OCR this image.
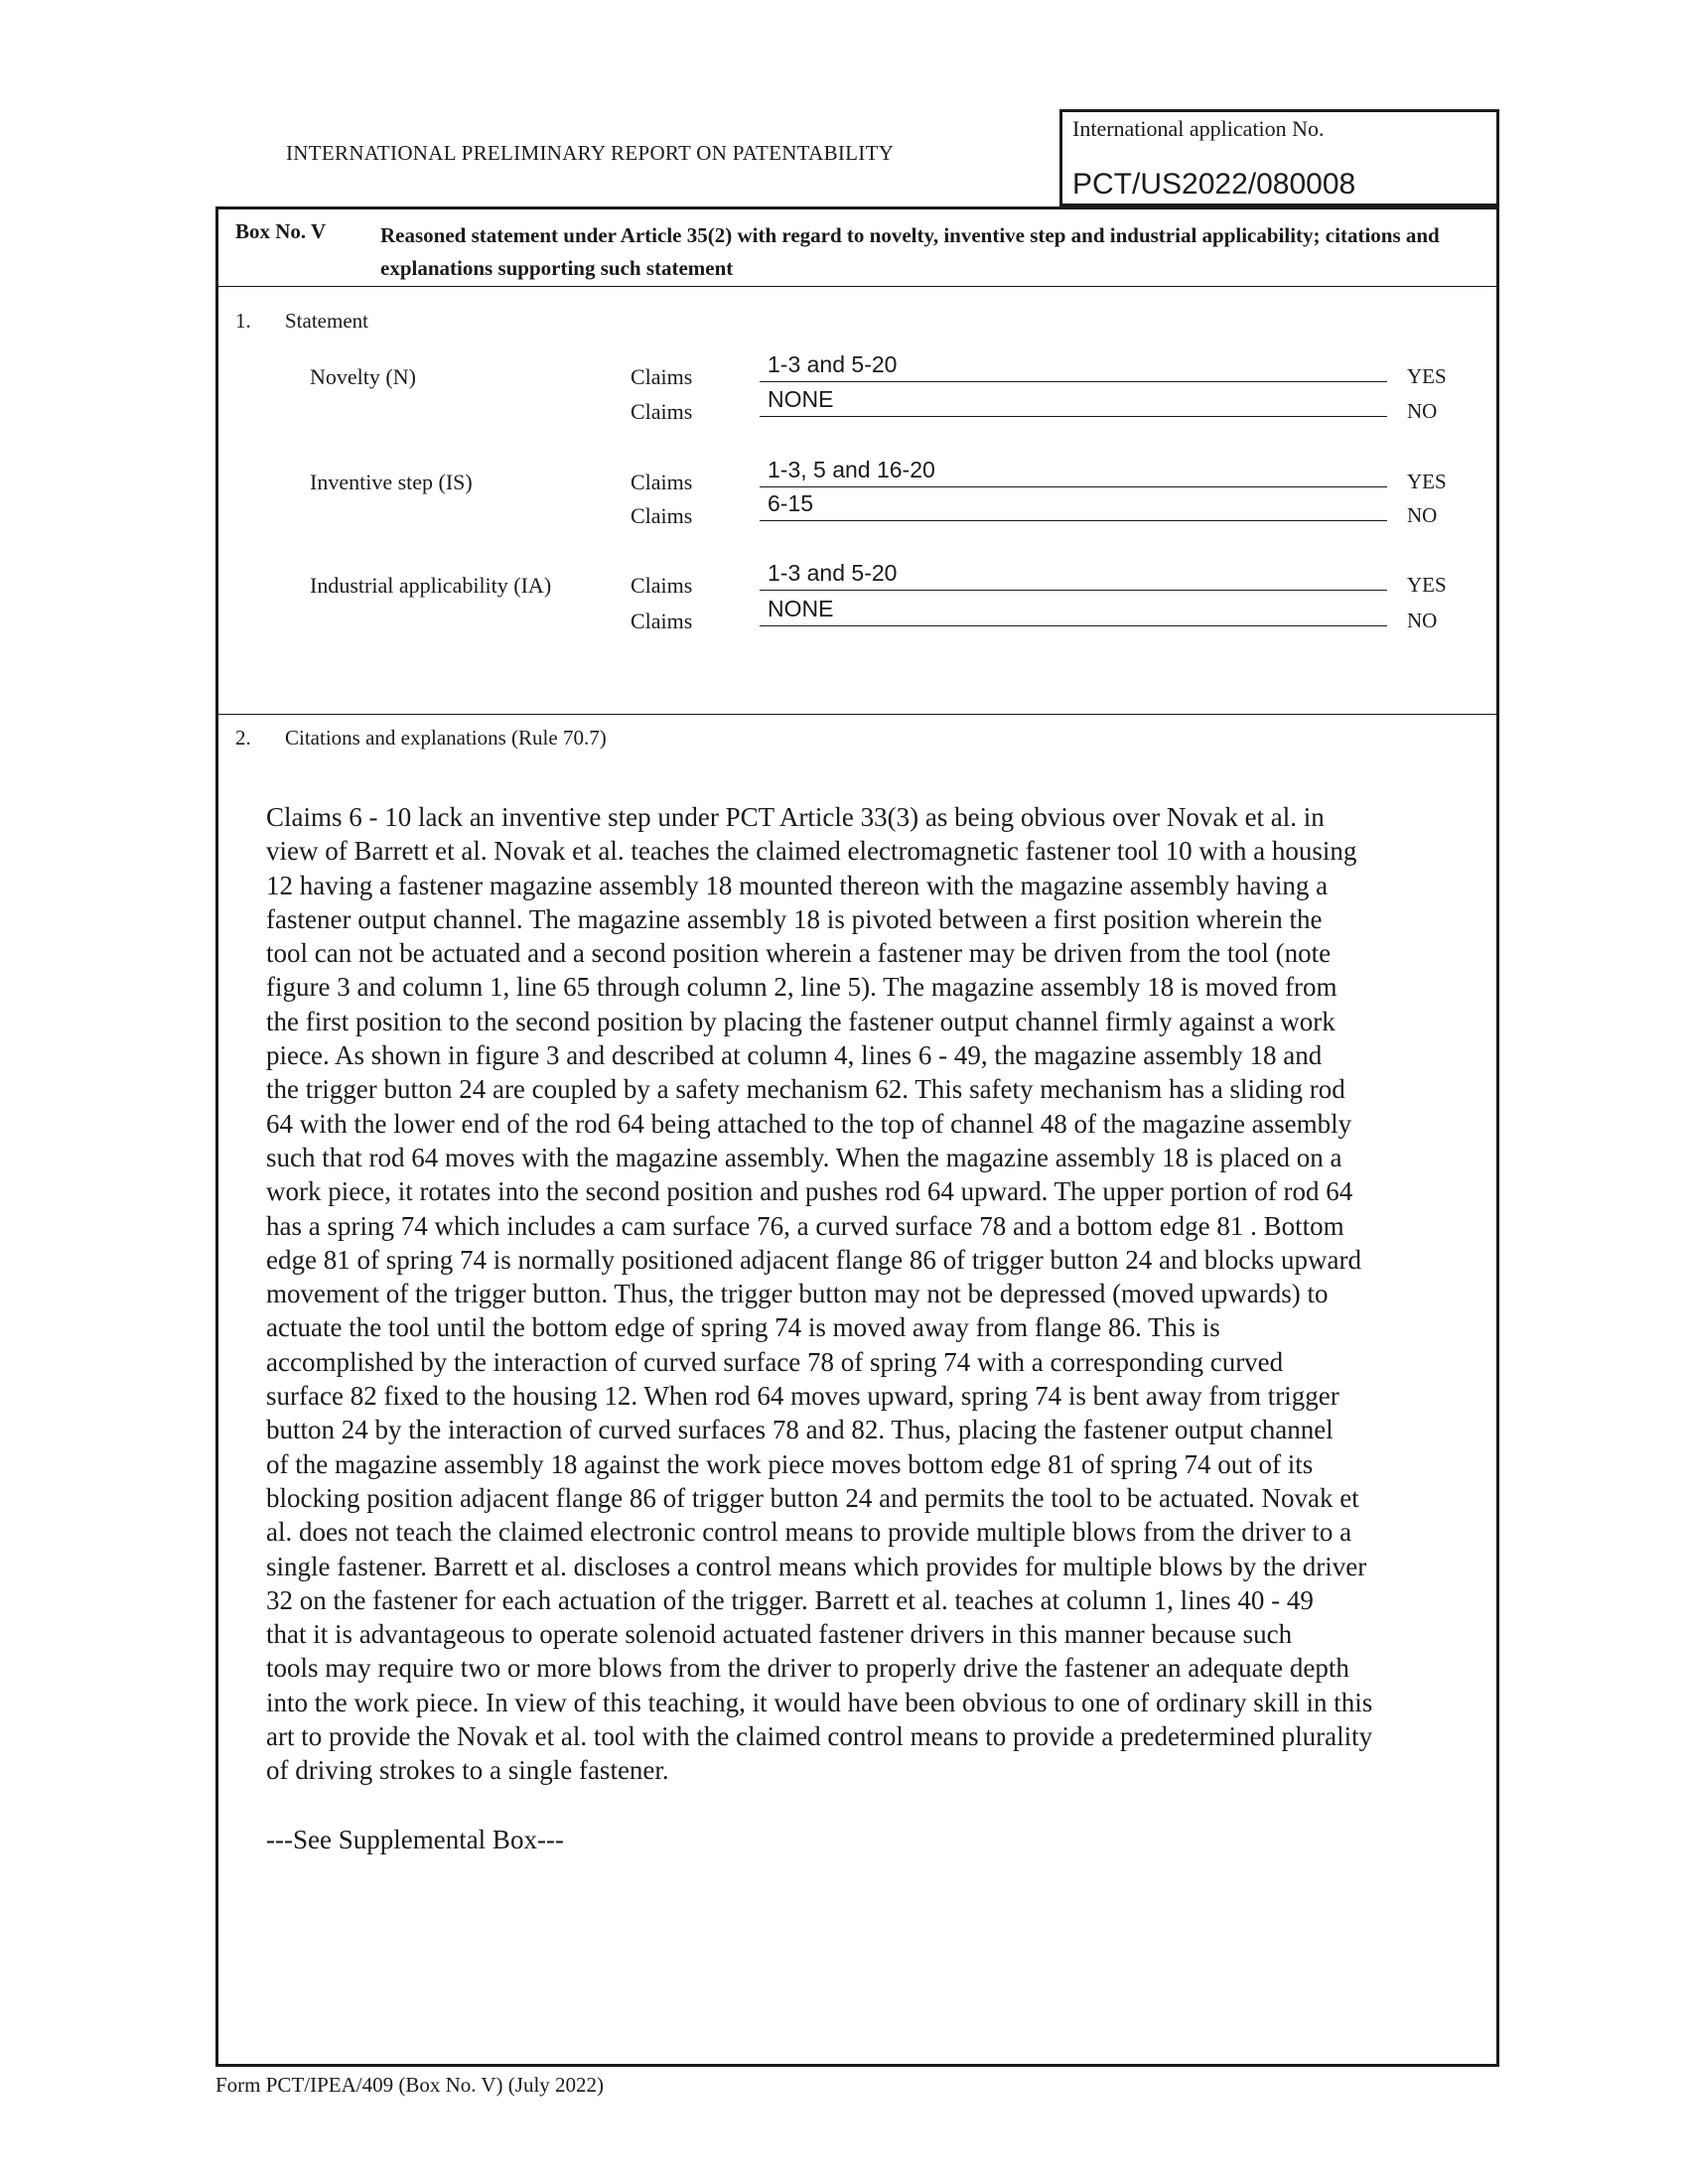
INTERNATIONAL PRELIMINARY REPORT ON PATENTABILITY
International application No.
PCT/US2022/080008
Box No. V	Reasoned statement under Article 35(2) with regard to novelty, inventive step and industrial applicability; citations and explanations supporting such statement
1. Statement
Novelty (N)	Claims	1-3 and 5-20	YES
Claims	NONE	NO
Inventive step (IS)	Claims	1-3, 5 and 16-20	YES
Claims	6-15	NO
Industrial applicability (IA)	Claims	1-3 and 5-20	YES
Claims	NONE	NO
2. Citations and explanations (Rule 70.7)
Claims 6 - 10 lack an inventive step under PCT Article 33(3) as being obvious over Novak et al. in
view of Barrett et al. Novak et al. teaches the claimed electromagnetic fastener tool 10 with a housing
12 having a fastener magazine assembly 18 mounted thereon with the magazine assembly having a
fastener output channel. The magazine assembly 18 is pivoted between a first position wherein the
tool can not be actuated and a second position wherein a fastener may be driven from the tool (note
figure 3 and column 1, line 65 through column 2, line 5). The magazine assembly 18 is moved from
the first position to the second position by placing the fastener output channel firmly against a work
piece. As shown in figure 3 and described at column 4, lines 6 - 49, the magazine assembly 18 and
the trigger button 24 are coupled by a safety mechanism 62. This safety mechanism has a sliding rod
64 with the lower end of the rod 64 being attached to the top of channel 48 of the magazine assembly
such that rod 64 moves with the magazine assembly. When the magazine assembly 18 is placed on a
work piece, it rotates into the second position and pushes rod 64 upward. The upper portion of rod 64
has a spring 74 which includes a cam surface 76, a curved surface 78 and a bottom edge 81 . Bottom
edge 81 of spring 74 is normally positioned adjacent flange 86 of trigger button 24 and blocks upward
movement of the trigger button. Thus, the trigger button may not be depressed (moved upwards) to
actuate the tool until the bottom edge of spring 74 is moved away from flange 86. This is
accomplished by the interaction of curved surface 78 of spring 74 with a corresponding curved
surface 82 fixed to the housing 12. When rod 64 moves upward, spring 74 is bent away from trigger
button 24 by the interaction of curved surfaces 78 and 82. Thus, placing the fastener output channel
of the magazine assembly 18 against the work piece moves bottom edge 81 of spring 74 out of its
blocking position adjacent flange 86 of trigger button 24 and permits the tool to be actuated. Novak et
al. does not teach the claimed electronic control means to provide multiple blows from the driver to a
single fastener. Barrett et al. discloses a control means which provides for multiple blows by the driver
32 on the fastener for each actuation of the trigger. Barrett et al. teaches at column 1, lines 40 - 49
that it is advantageous to operate solenoid actuated fastener drivers in this manner because such
tools may require two or more blows from the driver to properly drive the fastener an adequate depth
into the work piece. In view of this teaching, it would have been obvious to one of ordinary skill in this
art to provide the Novak et al. tool with the claimed control means to provide a predetermined plurality
of driving strokes to a single fastener.
---See Supplemental Box---
Form PCT/IPEA/409 (Box No. V) (July 2022)
